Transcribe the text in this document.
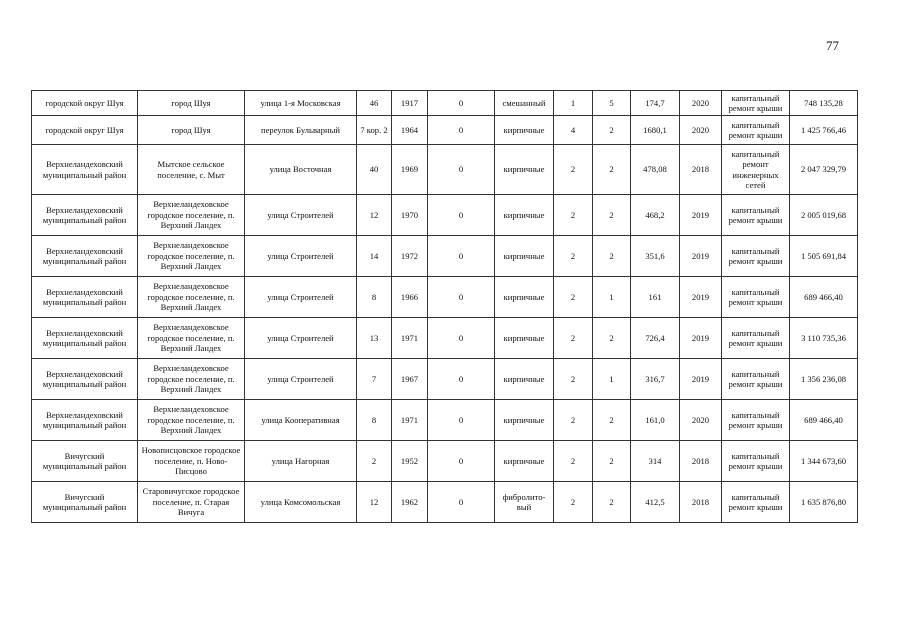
77
городской округ Шуя	город Шуя	улица 1-я Московская	46	1917	0	смешанный	1	5	174,7	2020	капитальный ремонт крыши	748 135,28
городской округ Шуя	город Шуя	переулок Бульварный	7 кор. 2	1964	0	кирпичные	4	2	1680,1	2020	капитальный ремонт крыши	1 425 766,46
Верхнеландеховский муниципальный район	Мытское сельское поселение, с. Мыт	улица Восточная	40	1969	0	кирпичные	2	2	478,08	2018	капитальный ремонт инженерных сетей	2 047 329,79
Верхнеландеховский муниципальный район	Верхнеландеховское городское поселение, п. Верхний Ландех	улица Строителей	12	1970	0	кирпичные	2	2	468,2	2019	капитальный ремонт крыши	2 005 019,68
Верхнеландеховский муниципальный район	Верхнеландеховское городское поселение, п. Верхний Ландех	улица Строителей	14	1972	0	кирпичные	2	2	351,6	2019	капитальный ремонт крыши	1 505 691,84
Верхнеландеховский муниципальный район	Верхнеландеховское городское поселение, п. Верхний Ландех	улица Строителей	8	1966	0	кирпичные	2	1	161	2019	капитальный ремонт крыши	689 466,40
Верхнеландеховский муниципальный район	Верхнеландеховское городское поселение, п. Верхний Ландех	улица Строителей	13	1971	0	кирпичные	2	2	726,4	2019	капитальный ремонт крыши	3 110 735,36
Верхнеландеховский муниципальный район	Верхнеландеховское городское поселение, п. Верхний Ландех	улица Строителей	7	1967	0	кирпичные	2	1	316,7	2019	капитальный ремонт крыши	1 356 236,08
Верхнеландеховский муниципальный район	Верхнеландеховское городское поселение, п. Верхний Ландех	улица Кооперативная	8	1971	0	кирпичные	2	2	161,0	2020	капитальный ремонт крыши	689 466,40
Вичугский муниципальный район	Новописцовское городское поселение, п. Ново-Писцово	улица Нагорная	2	1952	0	кирпичные	2	2	314	2018	капитальный ремонт крыши	1 344 673,60
Вичугский муниципальный район	Старовичугское городское поселение, п. Старая Вичуга	улица Комсомольская	12	1962	0	фибролито-вый	2	2	412,5	2018	капитальный ремонт крыши	1 635 876,80
